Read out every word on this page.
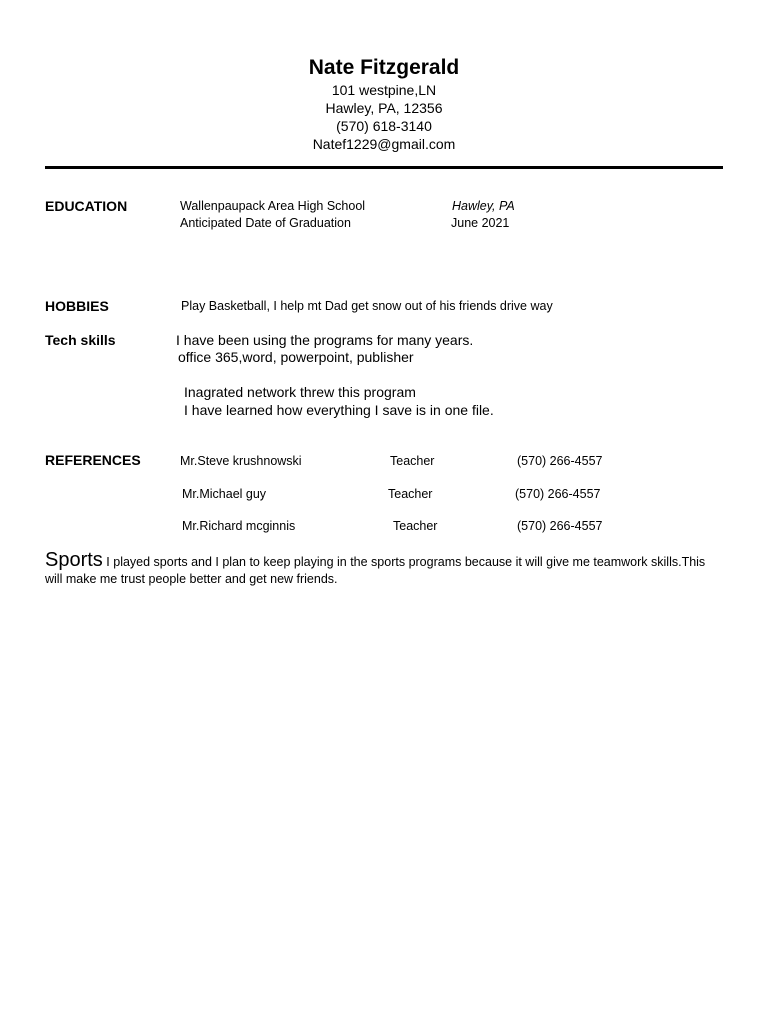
Nate Fitzgerald
101 westpine,LN
Hawley, PA, 12356
(570) 618-3140
Natef1229@gmail.com
EDUCATION	Wallenpaupack Area High School	Hawley, PA
Anticipated Date of Graduation	June 2021
HOBBIES	Play Basketball, I help mt Dad get snow out of his friends drive way
Tech skills	I have been using the programs for many years.
office 365,word, powerpoint, publisher
Inagrated network threw this program
I have learned how everything I save is in one file.
REFERENCES	Mr.Steve krushnowski	Teacher	(570) 266-4557
Mr.Michael guy	Teacher	(570) 266-4557
Mr.Richard mcginnis	Teacher	(570) 266-4557
Sports I played sports and I plan to keep playing in the sports programs because it will give me teamwork skills.This will make me trust people better and get new friends.
